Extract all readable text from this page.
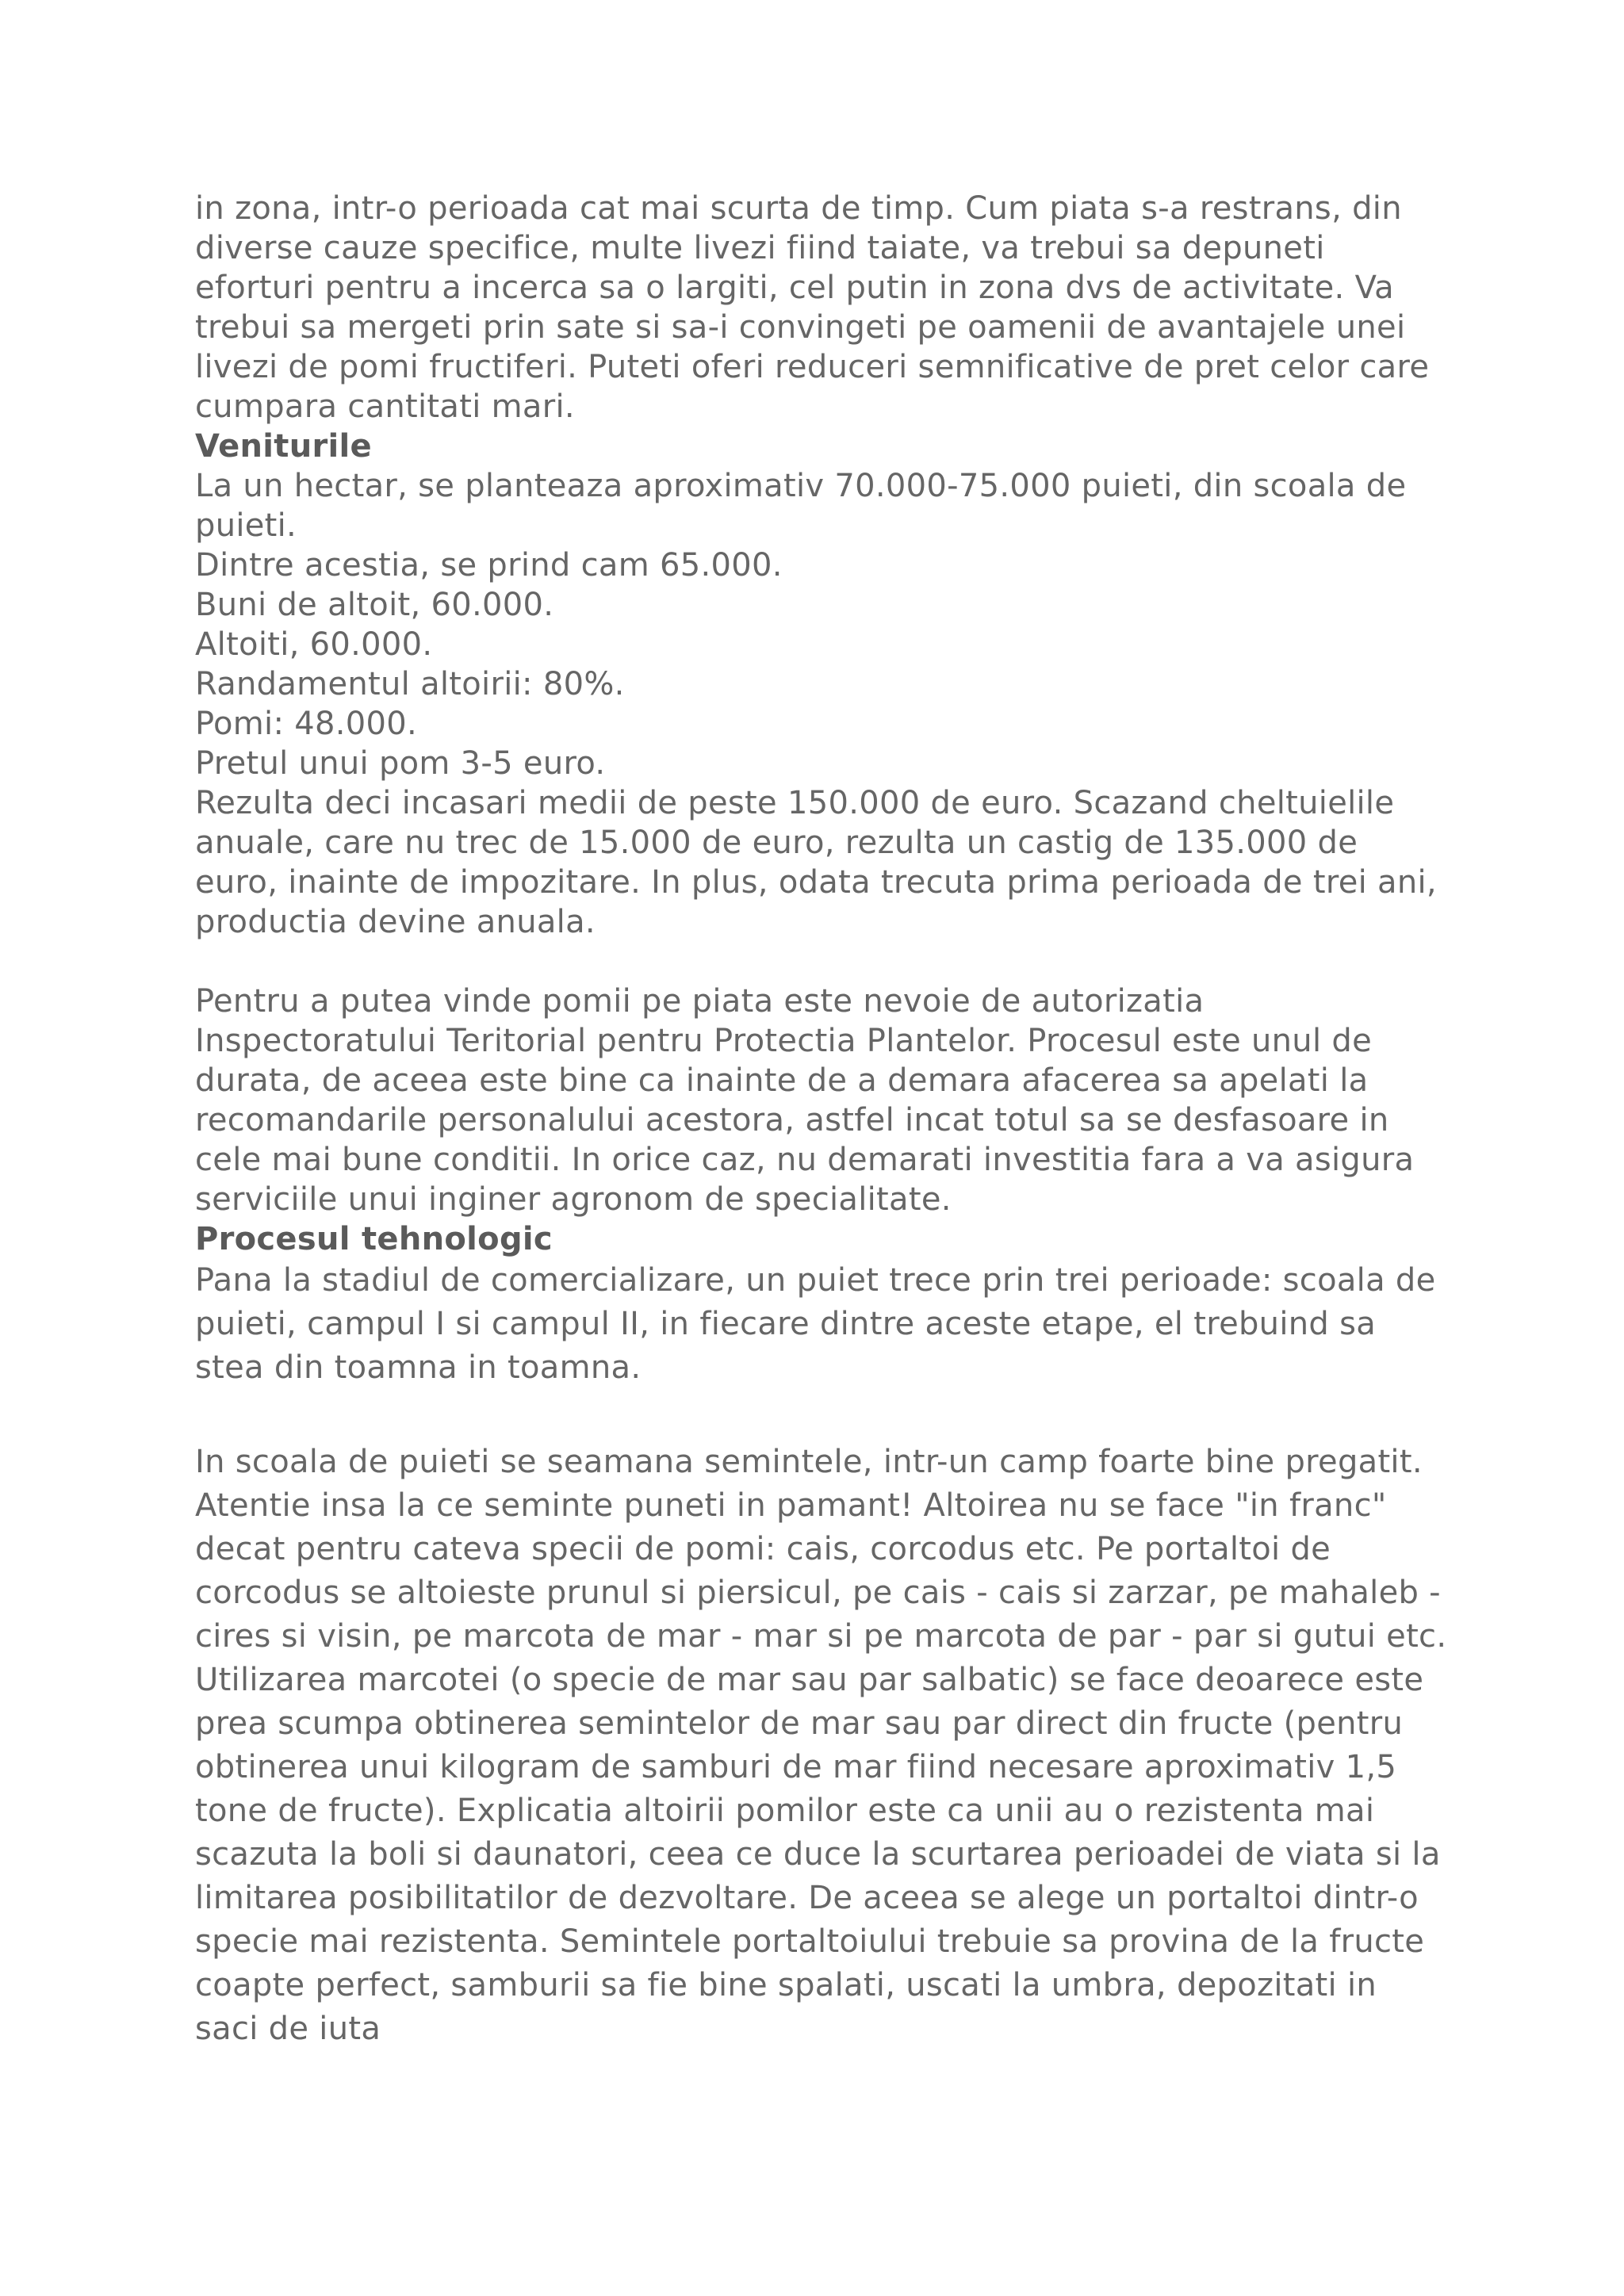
in zona, intr-o perioada cat mai scurta de timp. Cum piata s-a restrans, din diverse cauze specifice, multe livezi fiind taiate, va trebui sa depuneti eforturi pentru a incerca sa o largiti, cel putin in zona dvs de activitate. Va trebui sa mergeti prin sate si sa-i convingeti pe oamenii de avantajele unei livezi de pomi fructiferi. Puteti oferi reduceri semnificative de pret celor care cumpara cantitati mari.

Veniturile

La un hectar, se planteaza aproximativ 70.000-75.000 puieti, din scoala de puieti.

Dintre acestia, se prind cam 65.000.

Buni de altoit, 60.000.

Altoiti, 60.000.

Randamentul altoirii: 80%.

Pomi: 48.000.

Pretul unui pom 3-5 euro.

Rezulta deci incasari medii de peste 150.000 de euro. Scazand cheltuielile anuale, care nu trec de 15.000 de euro, rezulta un castig de 135.000 de euro, inainte de impozitare. In plus, odata trecuta prima perioada de trei ani, productia devine anuala.

Pentru a putea vinde pomii pe piata este nevoie de autorizatia Inspectoratului Teritorial pentru Protectia Plantelor. Procesul este unul de durata, de aceea este bine ca inainte de a demara afacerea sa apelati la recomandarile personalului acestora, astfel incat totul sa se desfasoare in cele mai bune conditii. In orice caz, nu demarati investitia fara a va asigura serviciile unui inginer agronom de specialitate.

Procesul tehnologic

Pana la stadiul de comercializare, un puiet trece prin trei perioade: scoala de puieti, campul I si campul II, in fiecare dintre aceste etape, el trebuind sa stea din toamna in toamna.

In scoala de puieti se seamana semintele, intr-un camp foarte bine pregatit. Atentie insa la ce seminte puneti in pamant! Altoirea nu se face "in franc" decat pentru cateva specii de pomi: cais, corcodus etc. Pe portaltoi de corcodus se altoieste prunul si piersicul, pe cais - cais si zarzar, pe mahaleb - cires si visin, pe marcota de mar - mar si pe marcota de par - par si gutui etc. Utilizarea marcotei (o specie de mar sau par salbatic) se face deoarece este prea scumpa obtinerea semintelor de mar sau par direct din fructe (pentru obtinerea unui kilogram de samburi de mar fiind necesare aproximativ 1,5 tone de fructe). Explicatia altoirii pomilor este ca unii au o rezistenta mai scazuta la boli si daunatori, ceea ce duce la scurtarea perioadei de viata si la limitarea posibilitatilor de dezvoltare. De aceea se alege un portaltoi dintr-o specie mai rezistenta. Semintele portaltoiului trebuie sa provina de la fructe coapte perfect, samburii sa fie bine spalati, uscati la umbra, depozitati in saci de iuta
